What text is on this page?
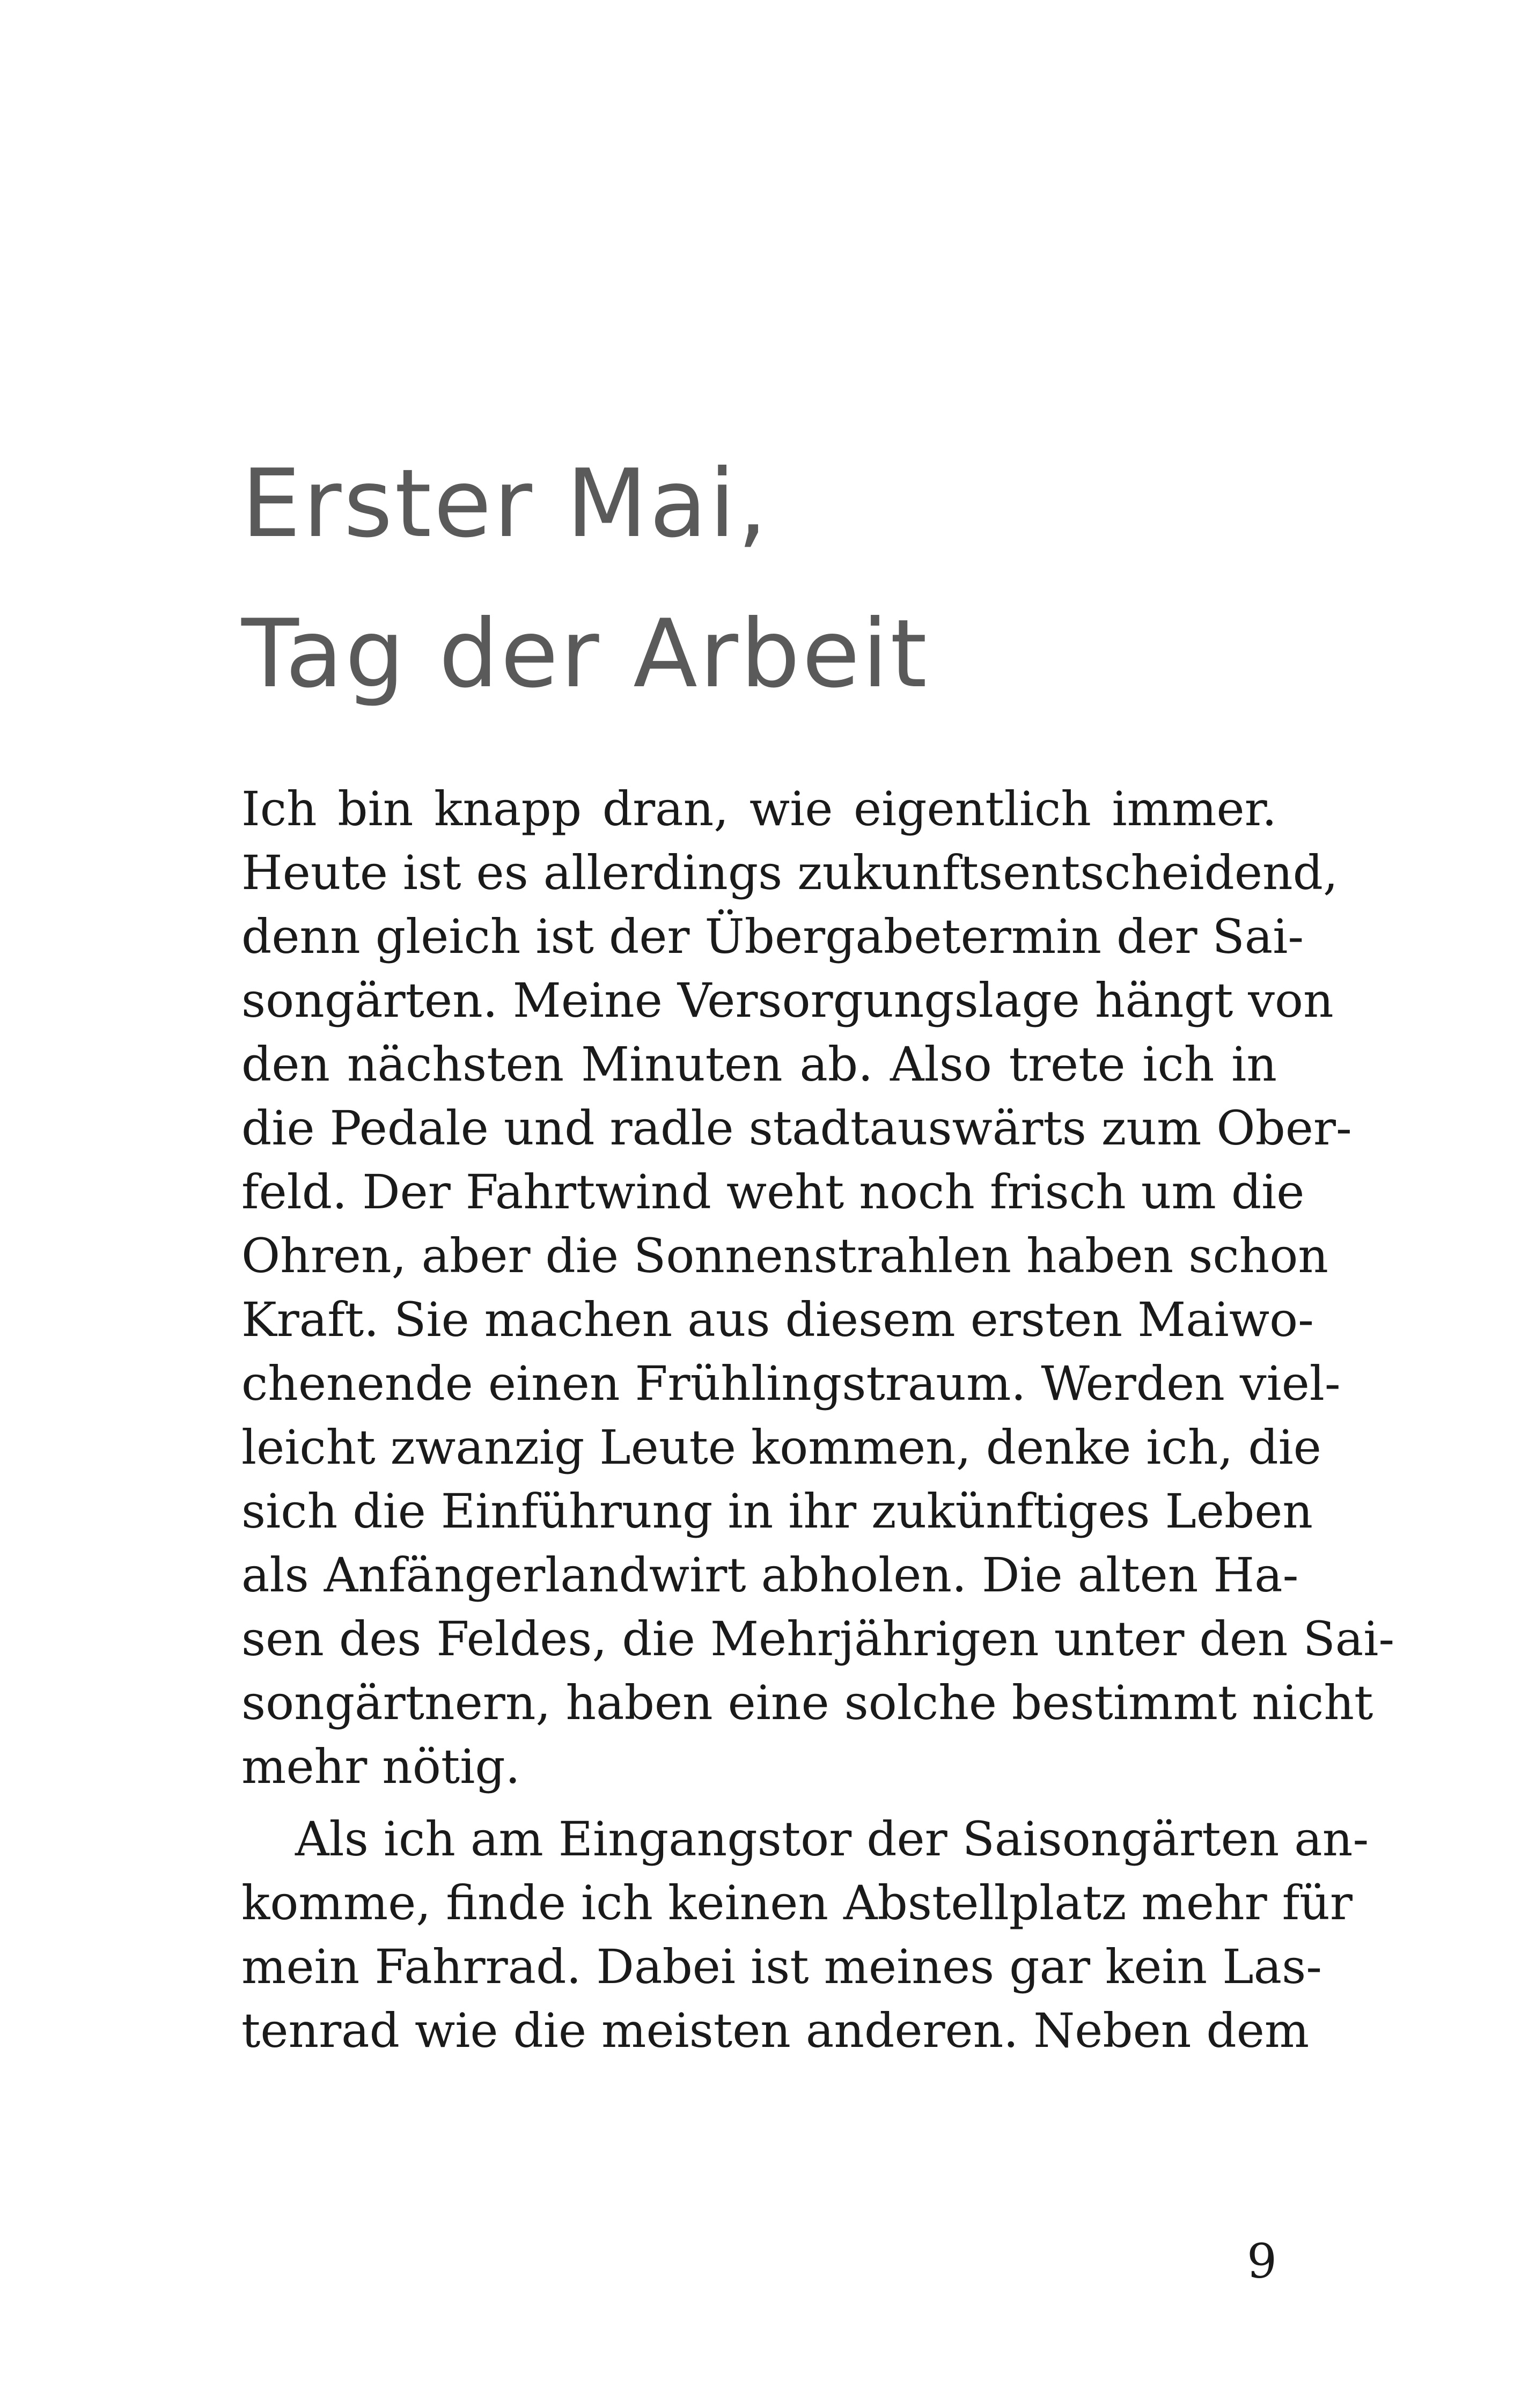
Erster Mai,
Tag der Arbeit
Ich bin knapp dran, wie eigentlich immer.
Heute ist es allerdings zukunftsentscheidend,
denn gleich ist der Übergabetermin der Sai-
songärten. Meine Versorgungslage hängt von
den nächsten Minuten ab. Also trete ich in
die Pedale und radle stadtauswärts zum Ober-
feld. Der Fahrtwind weht noch frisch um die
Ohren, aber die Sonnenstrahlen haben schon
Kraft. Sie machen aus diesem ersten Maiwo-
chenende einen Frühlingstraum. Werden viel-
leicht zwanzig Leute kommen, denke ich, die
sich die Einführung in ihr zukünftiges Leben
als Anfängerlandwirt abholen. Die alten Ha-
sen des Feldes, die Mehrjährigen unter den Sai-
songärtnern, haben eine solche bestimmt nicht
mehr nötig.
Als ich am Eingangstor der Saisongärten an-
komme, finde ich keinen Abstellplatz mehr für
mein Fahrrad. Dabei ist meines gar kein Las-
tenrad wie die meisten anderen. Neben dem
9
